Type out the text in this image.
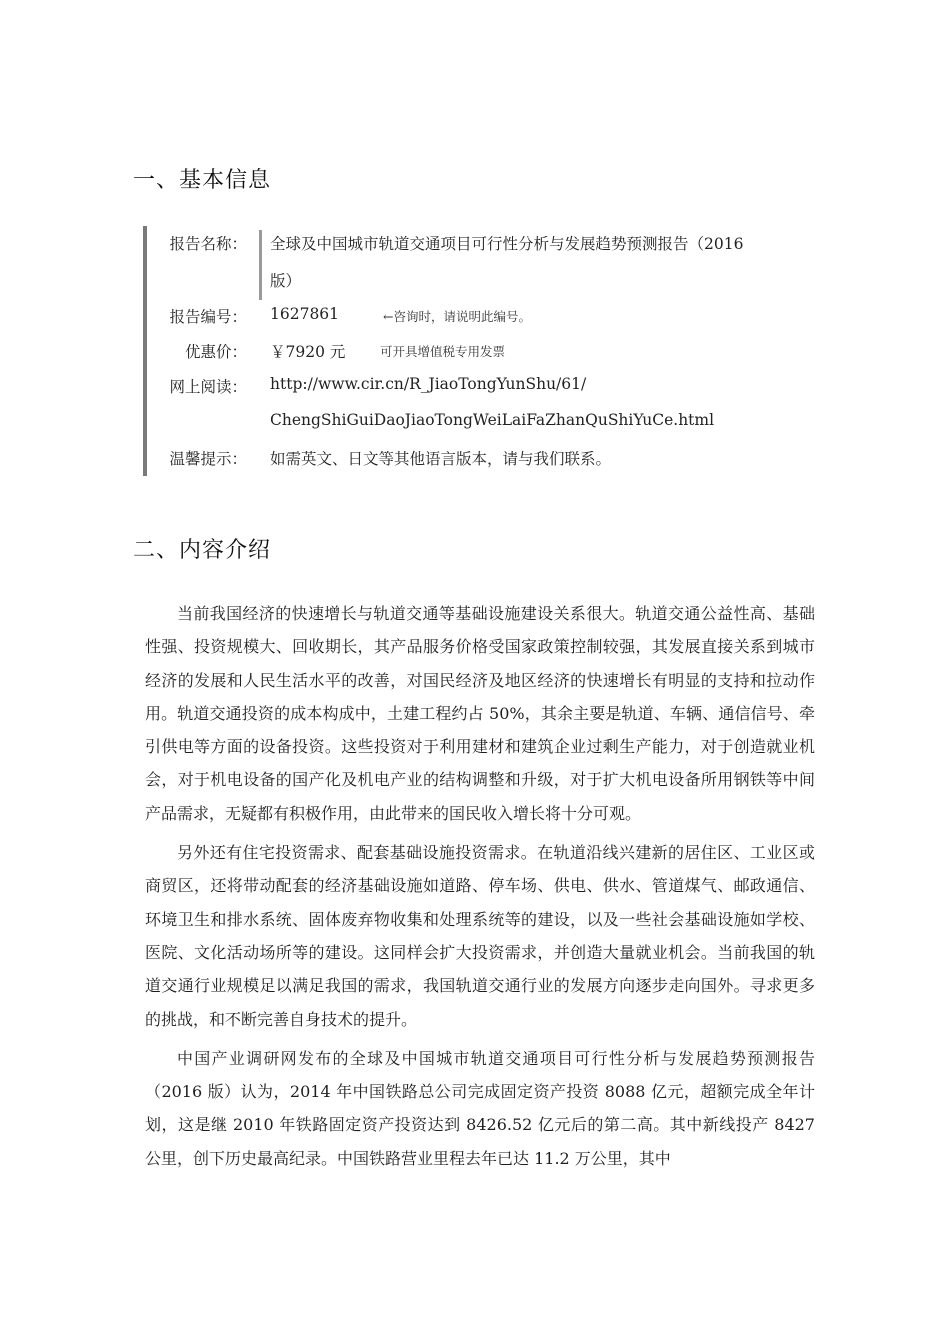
一、基本信息
报告名称： 全球及中国城市轨道交通项目可行性分析与发展趋势预测报告（2016
版）
报告编号： 1627861	←咨询时，请说明此编号。
优惠价： ￥7920 元	可开具增值税专用发票
网上阅读： http://www.cir.cn/R_JiaoTongYunShu/61/
ChengShiGuiDaoJiaoTongWeiLaiFaZhanQuShiYuCe.html
温馨提示： 如需英文、日文等其他语言版本，请与我们联系。
二、内容介绍

当前我国经济的快速增长与轨道交通等基础设施建设关系很大。轨道交通公益性高、基础性强、投资规模大、回收期长，其产品服务价格受国家政策控制较强，其发展直接关系到城市经济的发展和人民生活水平的改善，对国民经济及地区经济的快速增长有明显的支持和拉动作用。轨道交通投资的成本构成中，土建工程约占 50%，其余主要是轨道、车辆、通信信号、牵引供电等方面的设备投资。这些投资对于利用建材和建筑企业过剩生产能力，对于创造就业机会，对于机电设备的国产化及机电产业的结构调整和升级，对于扩大机电设备所用钢铁等中间产品需求，无疑都有积极作用，由此带来的国民收入增长将十分可观。

另外还有住宅投资需求、配套基础设施投资需求。在轨道沿线兴建新的居住区、工业区或商贸区，还将带动配套的经济基础设施如道路、停车场、供电、供水、管道煤气、邮政通信、环境卫生和排水系统、固体废弃物收集和处理系统等的建设，以及一些社会基础设施如学校、医院、文化活动场所等的建设。这同样会扩大投资需求，并创造大量就业机会。当前我国的轨道交通行业规模足以满足我国的需求，我国轨道交通行业的发展方向逐步走向国外。寻求更多的挑战，和不断完善自身技术的提升。

中国产业调研网发布的全球及中国城市轨道交通项目可行性分析与发展趋势预测报告（2016 版）认为，2014 年中国铁路总公司完成固定资产投资 8088 亿元，超额完成全年计划，这是继 2010 年铁路固定资产投资达到 8426.52 亿元后的第二高。其中新线投产 8427 公里，创下历史最高纪录。中国铁路营业里程去年已达 11.2 万公里，其中
